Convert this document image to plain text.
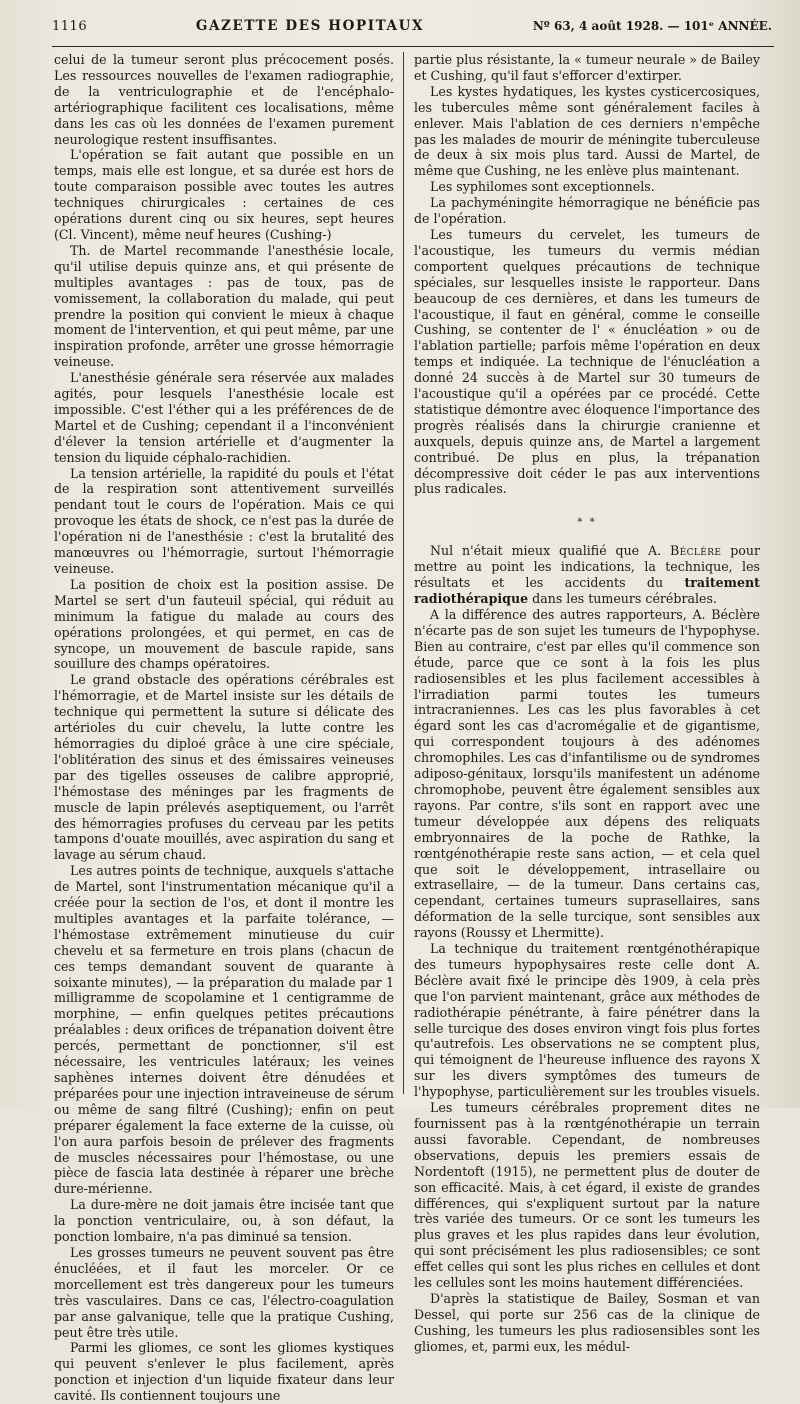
1116	GAZETTE DES HOPITAUX	Nº 63, 4 août 1928. — 101ᵉ ANNÉE.

celui de la tumeur seront plus précocement posés. Les ressources nouvelles de l'examen radiographie, de la ventriculographie et de l'encéphalo-artériographique facilitent ces localisations, même dans les cas où les données de l'examen purement neurologique restent insuffisantes.

L'opération se fait autant que possible en un temps, mais elle est longue, et sa durée est hors de toute comparaison possible avec toutes les autres techniques chirurgicales : certaines de ces opérations durent cinq ou six heures, sept heures (Cl. Vincent), même neuf heures (Cushing-)

Th. de Martel recommande l'anesthésie locale, qu'il utilise depuis quinze ans, et qui présente de multiples avantages : pas de toux, pas de vomissement, la collaboration du malade, qui peut prendre la position qui convient le mieux à chaque moment de l'intervention, et qui peut même, par une inspiration profonde, arrêter une grosse hémorragie veineuse.

L'anesthésie générale sera réservée aux malades agités, pour lesquels l'anesthésie locale est impossible. C'est l'éther qui a les préférences de de Martel et de Cushing; cependant il a l'inconvénient d'élever la tension artérielle et d'augmenter la tension du liquide céphalo-rachidien.

La tension artérielle, la rapidité du pouls et l'état de la respiration sont attentivement surveillés pendant tout le cours de l'opération. Mais ce qui provoque les états de shock, ce n'est pas la durée de l'opération ni de l'anesthésie : c'est la brutalité des manœuvres ou l'hémorragie, surtout l'hémorragie veineuse.

La position de choix est la position assise. De Martel se sert d'un fauteuil spécial, qui réduit au minimum la fatigue du malade au cours des opérations prolongées, et qui permet, en cas de syncope, un mouvement de bascule rapide, sans souillure des champs opératoires.

Le grand obstacle des opérations cérébrales est l'hémorragie, et de Martel insiste sur les détails de technique qui permettent la suture si délicate des artérioles du cuir chevelu, la lutte contre les hémorragies du diploé grâce à une cire spéciale, l'oblitération des sinus et des émissaires veineuses par des tigelles osseuses de calibre approprié, l'hémostase des méninges par les fragments de muscle de lapin prélevés aseptiquement, ou l'arrêt des hémorragies profuses du cerveau par les petits tampons d'ouate mouillés, avec aspiration du sang et lavage au sérum chaud.

Les autres points de technique, auxquels s'attache de Martel, sont l'instrumentation mécanique qu'il a créée pour la section de l'os, et dont il montre les multiples avantages et la parfaite tolérance, — l'hémostase extrêmement minutieuse du cuir chevelu et sa fermeture en trois plans (chacun de ces temps demandant souvent de quarante à soixante minutes), — la préparation du malade par 1 milligramme de scopolamine et 1 centigramme de morphine, — enfin quelques petites précautions préalables : deux orifices de trépanation doivent être percés, permettant de ponctionner, s'il est nécessaire, les ventricules latéraux; les veines saphènes internes doivent être dénudées et préparées pour une injection intraveineuse de sérum ou même de sang filtré (Cushing); enfin on peut préparer également la face externe de la cuisse, où l'on aura parfois besoin de prélever des fragments de muscles nécessaires pour l'hémostase, ou une pièce de fascia lata destinée à réparer une brèche dure-mérienne.

La dure-mère ne doit jamais être incisée tant que la ponction ventriculaire, ou, à son défaut, la ponction lombaire, n'a pas diminué sa tension.

Les grosses tumeurs ne peuvent souvent pas être énucléées, et il faut les morceler. Or ce morcellement est très dangereux pour les tumeurs très vasculaires. Dans ce cas, l'électro-coagulation par anse galvanique, telle que la pratique Cushing, peut être très utile.

Parmi les gliomes, ce sont les gliomes kystiques qui peuvent s'enlever le plus facilement, après ponction et injection d'un liquide fixateur dans leur cavité. Ils contiennent toujours une

partie plus résistante, la « tumeur neurale » de Bailey et Cushing, qu'il faut s'efforcer d'extirper.

Les kystes hydatiques, les kystes cysticercosiques, les tubercules même sont généralement faciles à enlever. Mais l'ablation de ces derniers n'empêche pas les malades de mourir de méningite tuberculeuse de deux à six mois plus tard. Aussi de Martel, de même que Cushing, ne les enlève plus maintenant.

Les syphilomes sont exceptionnels.

La pachyméningite hémorragique ne bénéficie pas de l'opération.

Les tumeurs du cervelet, les tumeurs de l'acoustique, les tumeurs du vermis médian comportent quelques précautions de technique spéciales, sur lesquelles insiste le rapporteur. Dans beaucoup de ces dernières, et dans les tumeurs de l'acoustique, il faut en général, comme le conseille Cushing, se contenter de l' « énucléation » ou de l'ablation partielle; parfois même l'opération en deux temps et indiquée. La technique de l'énucléation a donné 24 succès à de Martel sur 30 tumeurs de l'acoustique qu'il a opérées par ce procédé. Cette statistique démontre avec éloquence l'importance des progrès réalisés dans la chirurgie cranienne et auxquels, depuis quinze ans, de Martel a largement contribué. De plus en plus, la trépanation décompressive doit céder le pas aux interventions plus radicales.

* *

Nul n'était mieux qualifié que A. Béclère pour mettre au point les indications, la technique, les résultats et les accidents du traitement radiothérapique dans les tumeurs cérébrales.

A la différence des autres rapporteurs, A. Béclère n'écarte pas de son sujet les tumeurs de l'hypophyse. Bien au contraire, c'est par elles qu'il commence son étude, parce que ce sont à la fois les plus radiosensibles et les plus facilement accessibles à l'irradiation parmi toutes les tumeurs intracraniennes. Les cas les plus favorables à cet égard sont les cas d'acromégalie et de gigantisme, qui correspondent toujours à des adénomes chromophiles. Les cas d'infantilisme ou de syndromes adiposo-génitaux, lorsqu'ils manifestent un adénome chromophobe, peuvent être également sensibles aux rayons. Par contre, s'ils sont en rapport avec une tumeur développée aux dépens des reliquats embryonnaires de la poche de Rathke, la rœntgénothérapie reste sans action, — et cela quel que soit le développement, intrasellaire ou extrasellaire, — de la tumeur. Dans certains cas, cependant, certaines tumeurs suprasellaires, sans déformation de la selle turcique, sont sensibles aux rayons (Roussy et Lhermitte).

La technique du traitement rœntgénothérapique des tumeurs hypophysaires reste celle dont A. Béclère avait fixé le principe dès 1909, à cela près que l'on parvient maintenant, grâce aux méthodes de radiothérapie pénétrante, à faire pénétrer dans la selle turcique des doses environ vingt fois plus fortes qu'autrefois. Les observations ne se comptent plus, qui témoignent de l'heureuse influence des rayons X sur les divers symptômes des tumeurs de l'hypophyse, particulièrement sur les troubles visuels.

Les tumeurs cérébrales proprement dites ne fournissent pas à la rœntgénothérapie un terrain aussi favorable. Cependant, de nombreuses observations, depuis les premiers essais de Nordentoft (1915), ne permettent plus de douter de son efficacité. Mais, à cet égard, il existe de grandes différences, qui s'expliquent surtout par la nature très variée des tumeurs. Or ce sont les tumeurs les plus graves et les plus rapides dans leur évolution, qui sont précisément les plus radiosensibles; ce sont effet celles qui sont les plus riches en cellules et dont les cellules sont les moins hautement différenciées.

D'après la statistique de Bailey, Sosman et van Dessel, qui porte sur 256 cas de la clinique de Cushing, les tumeurs les plus radiosensibles sont les gliomes, et, parmi eux, les médul-
